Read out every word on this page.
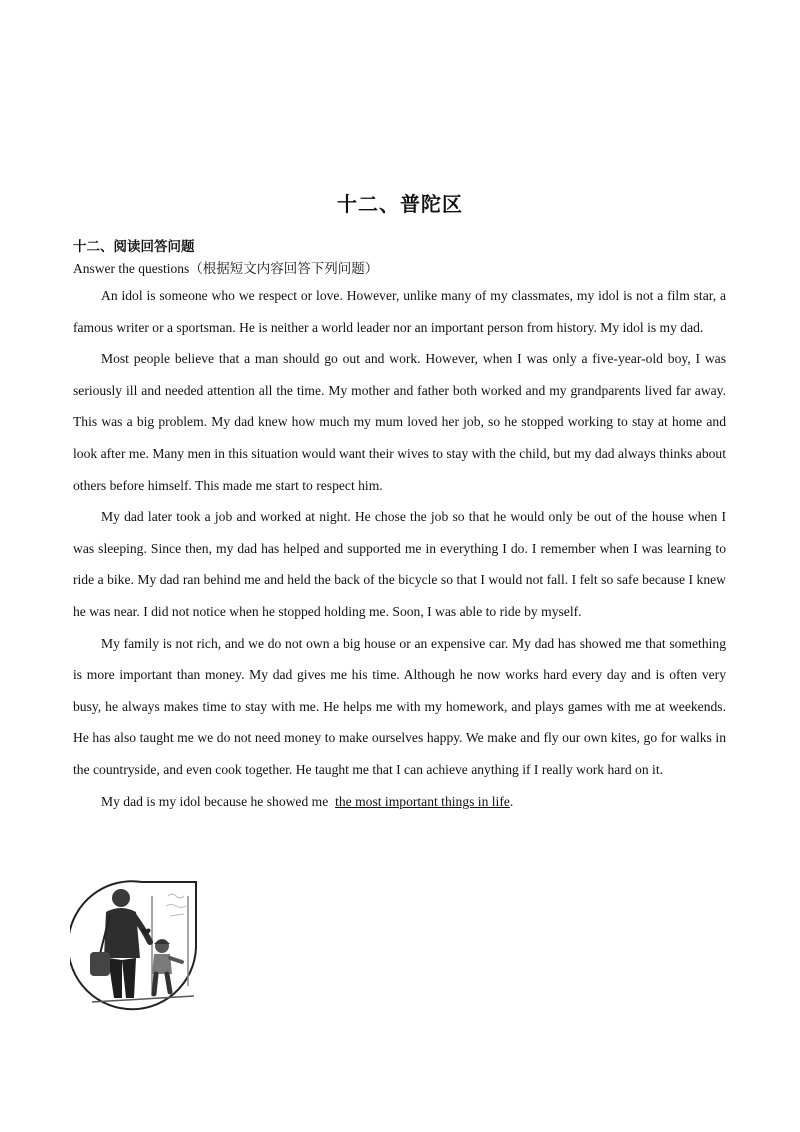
十二、普陀区
十二、阅读回答问题
Answer the questions（根据短文内容回答下列问题）

An idol is someone who we respect or love. However, unlike many of my classmates, my idol is not a film star, a famous writer or a sportsman. He is neither a world leader nor an important person from history. My idol is my dad.

Most people believe that a man should go out and work. However, when I was only a five-year-old boy, I was seriously ill and needed attention all the time. My mother and father both worked and my grandparents lived far away. This was a big problem. My dad knew how much my mum loved her job, so he stopped working to stay at home and look after me. Many men in this situation would want their wives to stay with the child, but my dad always thinks about others before himself. This made me start to respect him.

My dad later took a job and worked at night. He chose the job so that he would only be out of the house when I was sleeping. Since then, my dad has helped and supported me in everything I do. I remember when I was learning to ride a bike. My dad ran behind me and held the back of the bicycle so that I would not fall. I felt so safe because I knew he was near. I did not notice when he stopped holding me. Soon, I was able to ride by myself.

My family is not rich, and we do not own a big house or an expensive car. My dad has showed me that something is more important than money. My dad gives me his time. Although he now works hard every day and is often very busy, he always makes time to stay with me. He helps me with my homework, and plays games with me at weekends. He has also taught me we do not need money to make ourselves happy. We make and fly our own kites, go for walks in the countryside, and even cook together. He taught me that I can achieve anything if I really work hard on it.

My dad is my idol because he showed me the most important things in life.
